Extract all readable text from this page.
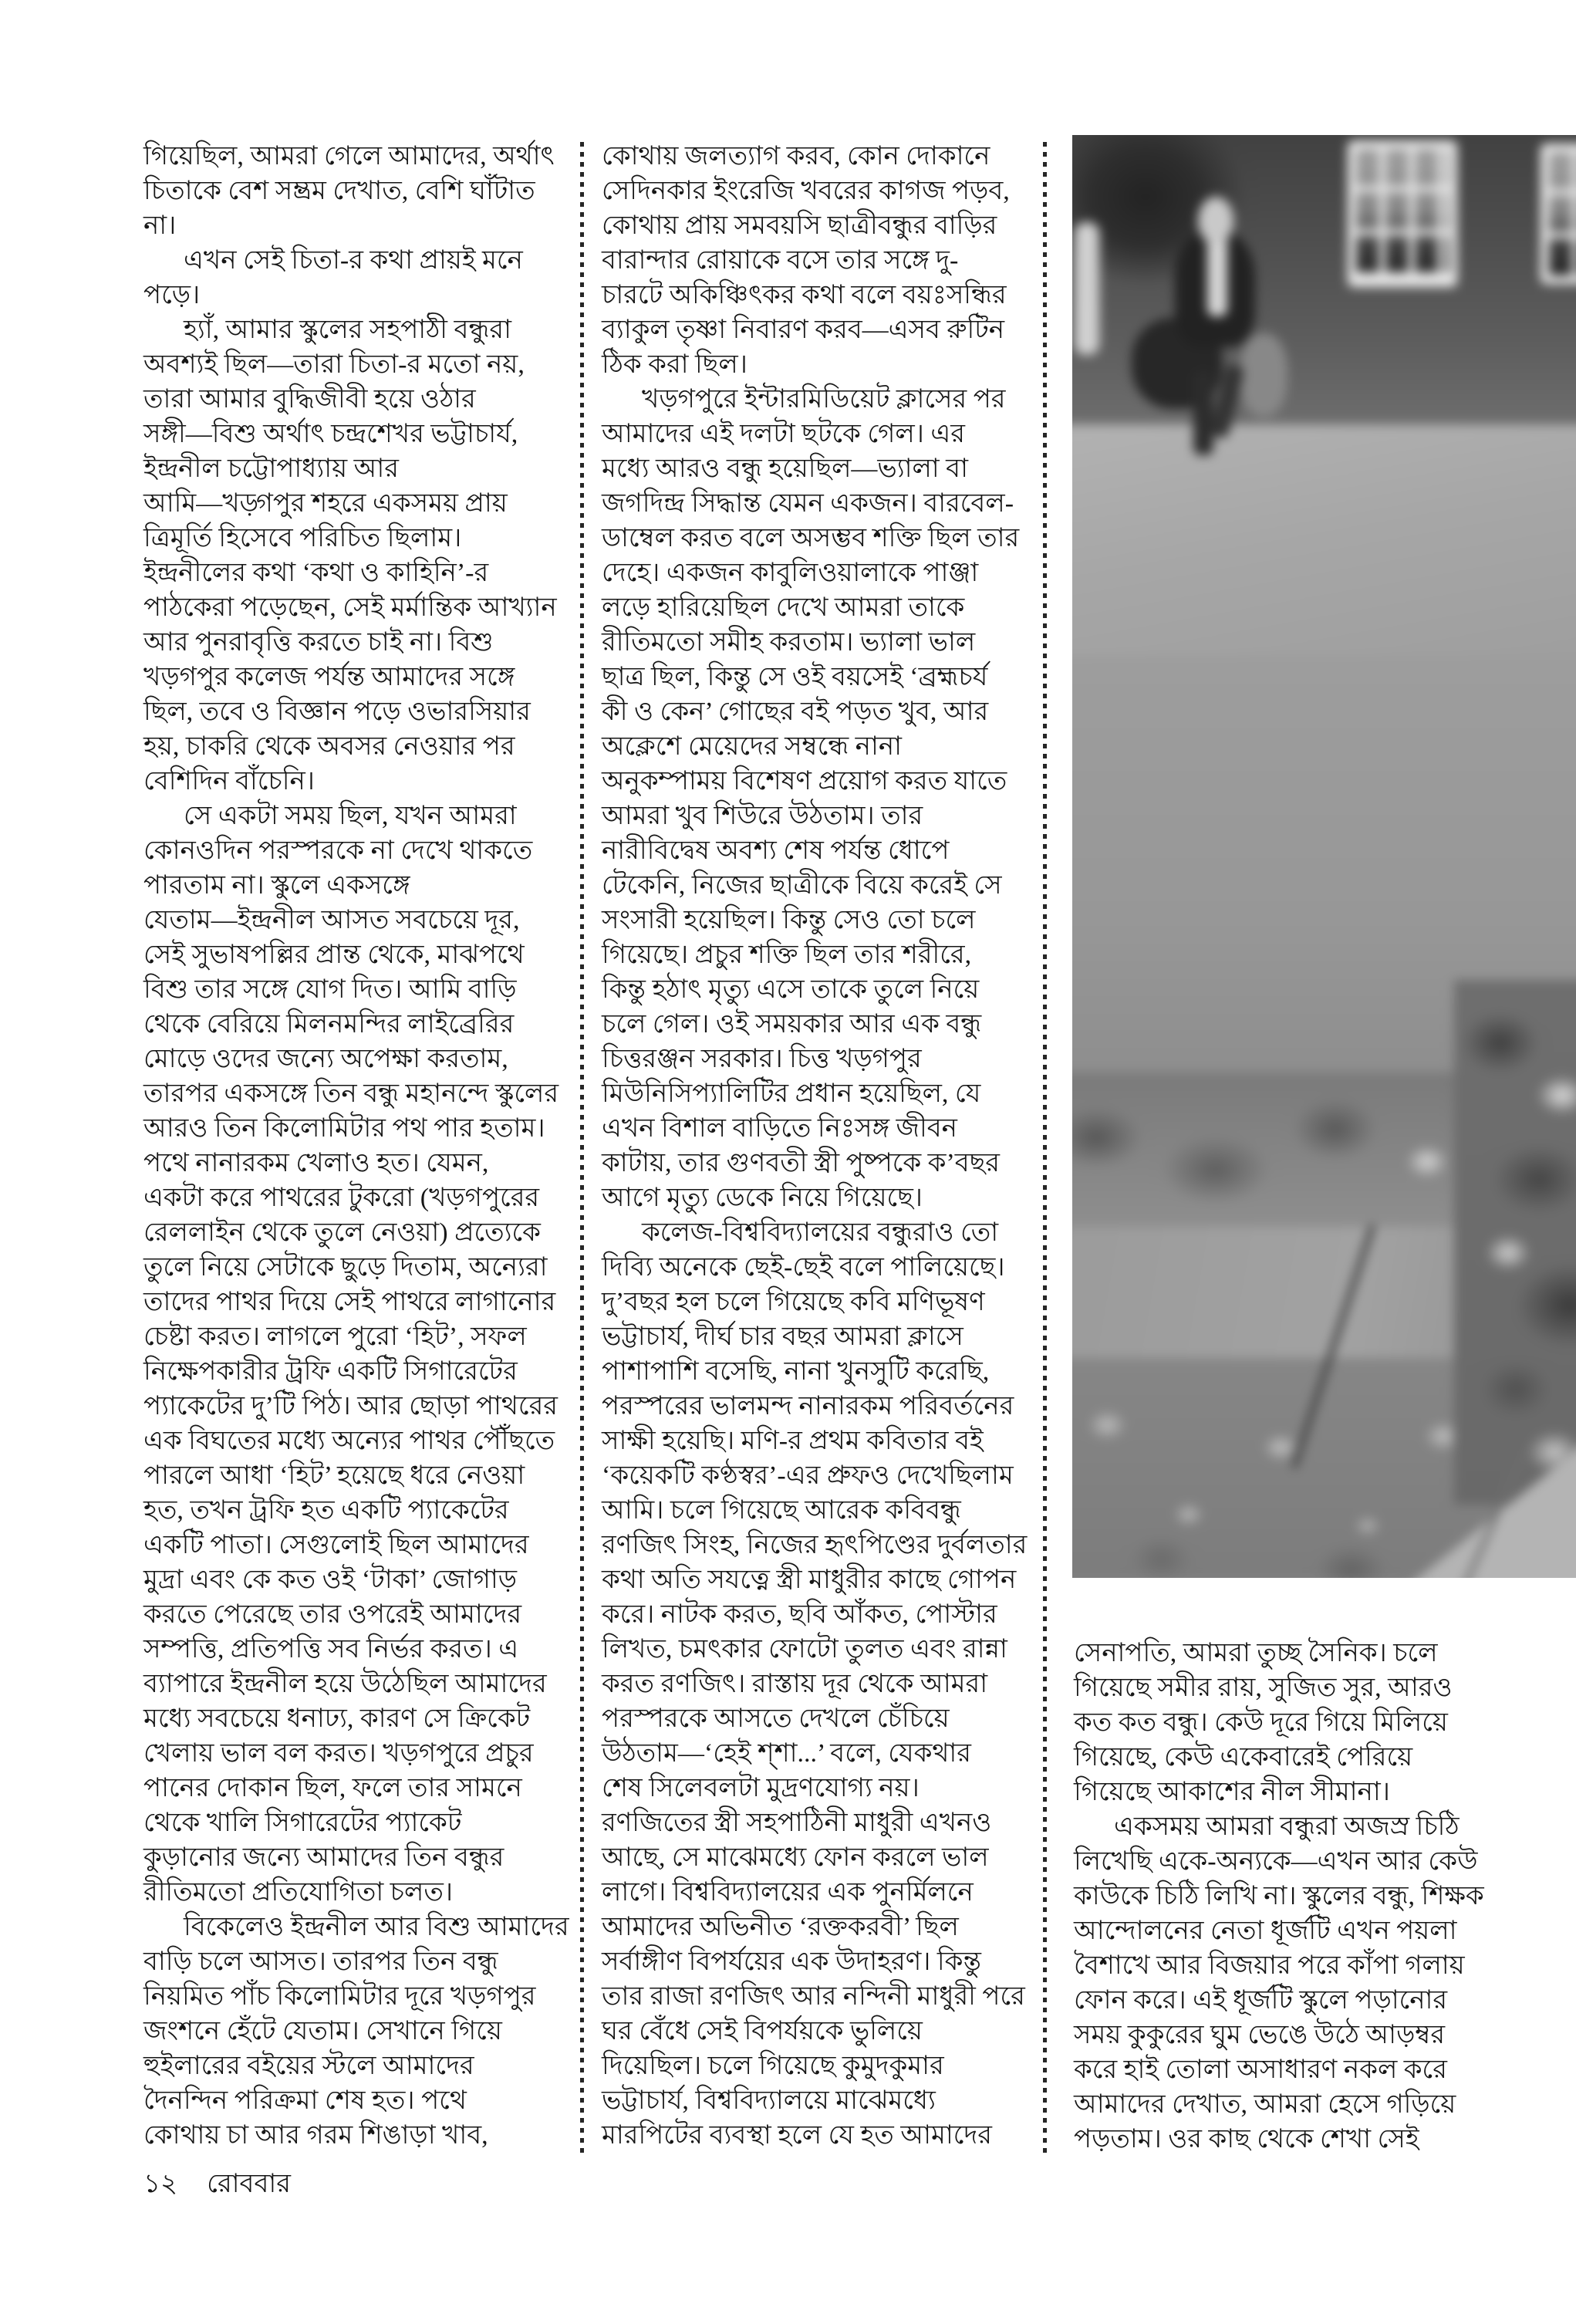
গিয়েছিল, আমরা গেলে আমাদের, অর্থাৎ
চিতাকে বেশ সম্ভ্রম দেখাত, বেশি ঘাঁটাত
না।
এখন সেই চিতা-র কথা প্রায়ই মনে
পড়ে।
হ্যাঁ, আমার স্কুলের সহপাঠী বন্ধুরা
অবশ্যই ছিল—তারা চিতা-র মতো নয়,
তারা আমার বুদ্ধিজীবী হয়ে ওঠার
সঙ্গী—বিশু অর্থাৎ চন্দ্রশেখর ভট্টাচার্য,
ইন্দ্রনীল চট্টোপাধ্যায় আর
আমি—খড়্গপুর শহরে একসময় প্রায়
ত্রিমূর্তি হিসেবে পরিচিত ছিলাম।
ইন্দ্রনীলের কথা ‘কথা ও কাহিনি’-র
পাঠকেরা পড়েছেন, সেই মর্মান্তিক আখ্যান
আর পুনরাবৃত্তি করতে চাই না। বিশু
খড়গপুর কলেজ পর্যন্ত আমাদের সঙ্গে
ছিল, তবে ও বিজ্ঞান পড়ে ওভারসিয়ার
হয়, চাকরি থেকে অবসর নেওয়ার পর
বেশিদিন বাঁচেনি।
সে একটা সময় ছিল, যখন আমরা
কোনওদিন পরস্পরকে না দেখে থাকতে
পারতাম না। স্কুলে একসঙ্গে
যেতাম—ইন্দ্রনীল আসত সবচেয়ে দূর,
সেই সুভাষপল্লির প্রান্ত থেকে, মাঝপথে
বিশু তার সঙ্গে যোগ দিত। আমি বাড়ি
থেকে বেরিয়ে মিলনমন্দির লাইব্রেরির
মোড়ে ওদের জন্যে অপেক্ষা করতাম,
তারপর একসঙ্গে তিন বন্ধু মহানন্দে স্কুলের
আরও তিন কিলোমিটার পথ পার হতাম।
পথে নানারকম খেলাও হত। যেমন,
একটা করে পাথরের টুকরো (খড়গপুরের
রেললাইন থেকে তুলে নেওয়া) প্রত্যেকে
তুলে নিয়ে সেটাকে ছুড়ে দিতাম, অন্যেরা
তাদের পাথর দিয়ে সেই পাথরে লাগানোর
চেষ্টা করত। লাগলে পুরো ‘হিট’, সফল
নিক্ষেপকারীর ট্রফি একটি সিগারেটের
প্যাকেটের দু’টি পিঠ। আর ছোড়া পাথরের
এক বিঘতের মধ্যে অন্যের পাথর পৌঁছতে
পারলে আধা ‘হিট’ হয়েছে ধরে নেওয়া
হত, তখন ট্রফি হত একটি প্যাকেটের
একটি পাতা। সেগুলোই ছিল আমাদের
মুদ্রা এবং কে কত ওই ‘টাকা’ জোগাড়
করতে পেরেছে তার ওপরেই আমাদের
সম্পত্তি, প্রতিপত্তি সব নির্ভর করত। এ
ব্যাপারে ইন্দ্রনীল হয়ে উঠেছিল আমাদের
মধ্যে সবচেয়ে ধনাঢ্য, কারণ সে ক্রিকেট
খেলায় ভাল বল করত। খড়গপুরে প্রচুর
পানের দোকান ছিল, ফলে তার সামনে
থেকে খালি সিগারেটের প্যাকেট
কুড়ানোর জন্যে আমাদের তিন বন্ধুর
রীতিমতো প্রতিযোগিতা চলত।
বিকেলেও ইন্দ্রনীল আর বিশু আমাদের
বাড়ি চলে আসত। তারপর তিন বন্ধু
নিয়মিত পাঁচ কিলোমিটার দূরে খড়গপুর
জংশনে হেঁটে যেতাম। সেখানে গিয়ে
হুইলারের বইয়ের স্টলে আমাদের
দৈনন্দিন পরিক্রমা শেষ হত। পথে
কোথায় চা আর গরম শিঙাড়া খাব,
কোথায় জলত্যাগ করব, কোন দোকানে
সেদিনকার ইংরেজি খবরের কাগজ পড়ব,
কোথায় প্রায় সমবয়সি ছাত্রীবন্ধুর বাড়ির
বারান্দার রোয়াকে বসে তার সঙ্গে দু-
চারটে অকিঞ্চিৎকর কথা বলে বয়ঃসন্ধির
ব্যাকুল তৃষ্ণা নিবারণ করব—এসব রুটিন
ঠিক করা ছিল।
খড়গপুরে ইন্টারমিডিয়েট ক্লাসের পর
আমাদের এই দলটা ছটকে গেল। এর
মধ্যে আরও বন্ধু হয়েছিল—ভ্যালা বা
জগদিন্দ্র সিদ্ধান্ত যেমন একজন। বারবেল-
ডাম্বেল করত বলে অসম্ভব শক্তি ছিল তার
দেহে। একজন কাবুলিওয়ালাকে পাঞ্জা
লড়ে হারিয়েছিল দেখে আমরা তাকে
রীতিমতো সমীহ করতাম। ভ্যালা ভাল
ছাত্র ছিল, কিন্তু সে ওই বয়সেই ‘ব্রহ্মচর্য
কী ও কেন’ গোছের বই পড়ত খুব, আর
অক্লেশে মেয়েদের সম্বন্ধে নানা
অনুকম্পাময় বিশেষণ প্রয়োগ করত যাতে
আমরা খুব শিউরে উঠতাম। তার
নারীবিদ্বেষ অবশ্য শেষ পর্যন্ত ধোপে
টেকেনি, নিজের ছাত্রীকে বিয়ে করেই সে
সংসারী হয়েছিল। কিন্তু সেও তো চলে
গিয়েছে। প্রচুর শক্তি ছিল তার শরীরে,
কিন্তু হঠাৎ মৃত্যু এসে তাকে তুলে নিয়ে
চলে গেল। ওই সময়কার আর এক বন্ধু
চিত্তরঞ্জন সরকার। চিত্ত খড়গপুর
মিউনিসিপ্যালিটির প্রধান হয়েছিল, যে
এখন বিশাল বাড়িতে নিঃসঙ্গ জীবন
কাটায়, তার গুণবতী স্ত্রী পুষ্পকে ক’বছর
আগে মৃত্যু ডেকে নিয়ে গিয়েছে।
কলেজ-বিশ্ববিদ্যালয়ের বন্ধুরাও তো
দিব্যি অনেকে ছেই-ছেই বলে পালিয়েছে।
দু’বছর হল চলে গিয়েছে কবি মণিভূষণ
ভট্টাচার্য, দীর্ঘ চার বছর আমরা ক্লাসে
পাশাপাশি বসেছি, নানা খুনসুটি করেছি,
পরস্পরের ভালমন্দ নানারকম পরিবর্তনের
সাক্ষী হয়েছি। মণি-র প্রথম কবিতার বই
‘কয়েকটি কণ্ঠস্বর’-এর প্রুফও দেখেছিলাম
আমি। চলে গিয়েছে আরেক কবিবন্ধু
রণজিৎ সিংহ, নিজের হৃৎপিণ্ডের দুর্বলতার
কথা অতি সযত্নে স্ত্রী মাধুরীর কাছে গোপন
করে। নাটক করত, ছবি আঁকত, পোস্টার
লিখত, চমৎকার ফোটো তুলত এবং রান্না
করত রণজিৎ। রাস্তায় দূর থেকে আমরা
পরস্পরকে আসতে দেখলে চেঁচিয়ে
উঠতাম—‘হেই শ্শা...’ বলে, যেকথার
শেষ সিলেবলটা মুদ্রণযোগ্য নয়।
রণজিতের স্ত্রী সহপাঠিনী মাধুরী এখনও
আছে, সে মাঝেমধ্যে ফোন করলে ভাল
লাগে। বিশ্ববিদ্যালয়ের এক পুনর্মিলনে
আমাদের অভিনীত ‘রক্তকরবী’ ছিল
সর্বাঙ্গীণ বিপর্যয়ের এক উদাহরণ। কিন্তু
তার রাজা রণজিৎ আর নন্দিনী মাধুরী পরে
ঘর বেঁধে সেই বিপর্যয়কে ভুলিয়ে
দিয়েছিল। চলে গিয়েছে কুমুদকুমার
ভট্টাচার্য, বিশ্ববিদ্যালয়ে মাঝেমধ্যে
মারপিটের ব্যবস্থা হলে যে হত আমাদের
সেনাপতি, আমরা তুচ্ছ সৈনিক। চলে
গিয়েছে সমীর রায়, সুজিত সুর, আরও
কত কত বন্ধু। কেউ দূরে গিয়ে মিলিয়ে
গিয়েছে, কেউ একেবারেই পেরিয়ে
গিয়েছে আকাশের নীল সীমানা।
একসময় আমরা বন্ধুরা অজস্র চিঠি
লিখেছি একে-অন্যকে—এখন আর কেউ
কাউকে চিঠি লিখি না। স্কুলের বন্ধু, শিক্ষক
আন্দোলনের নেতা ধূর্জটি এখন পয়লা
বৈশাখে আর বিজয়ার পরে কাঁপা গলায়
ফোন করে। এই ধূর্জটি স্কুলে পড়ানোর
সময় কুকুরের ঘুম ভেঙে উঠে আড়ম্বর
করে হাই তোলা অসাধারণ নকল করে
আমাদের দেখাত, আমরা হেসে গড়িয়ে
পড়তাম। ওর কাছ থেকে শেখা সেই
১২ রোববার
